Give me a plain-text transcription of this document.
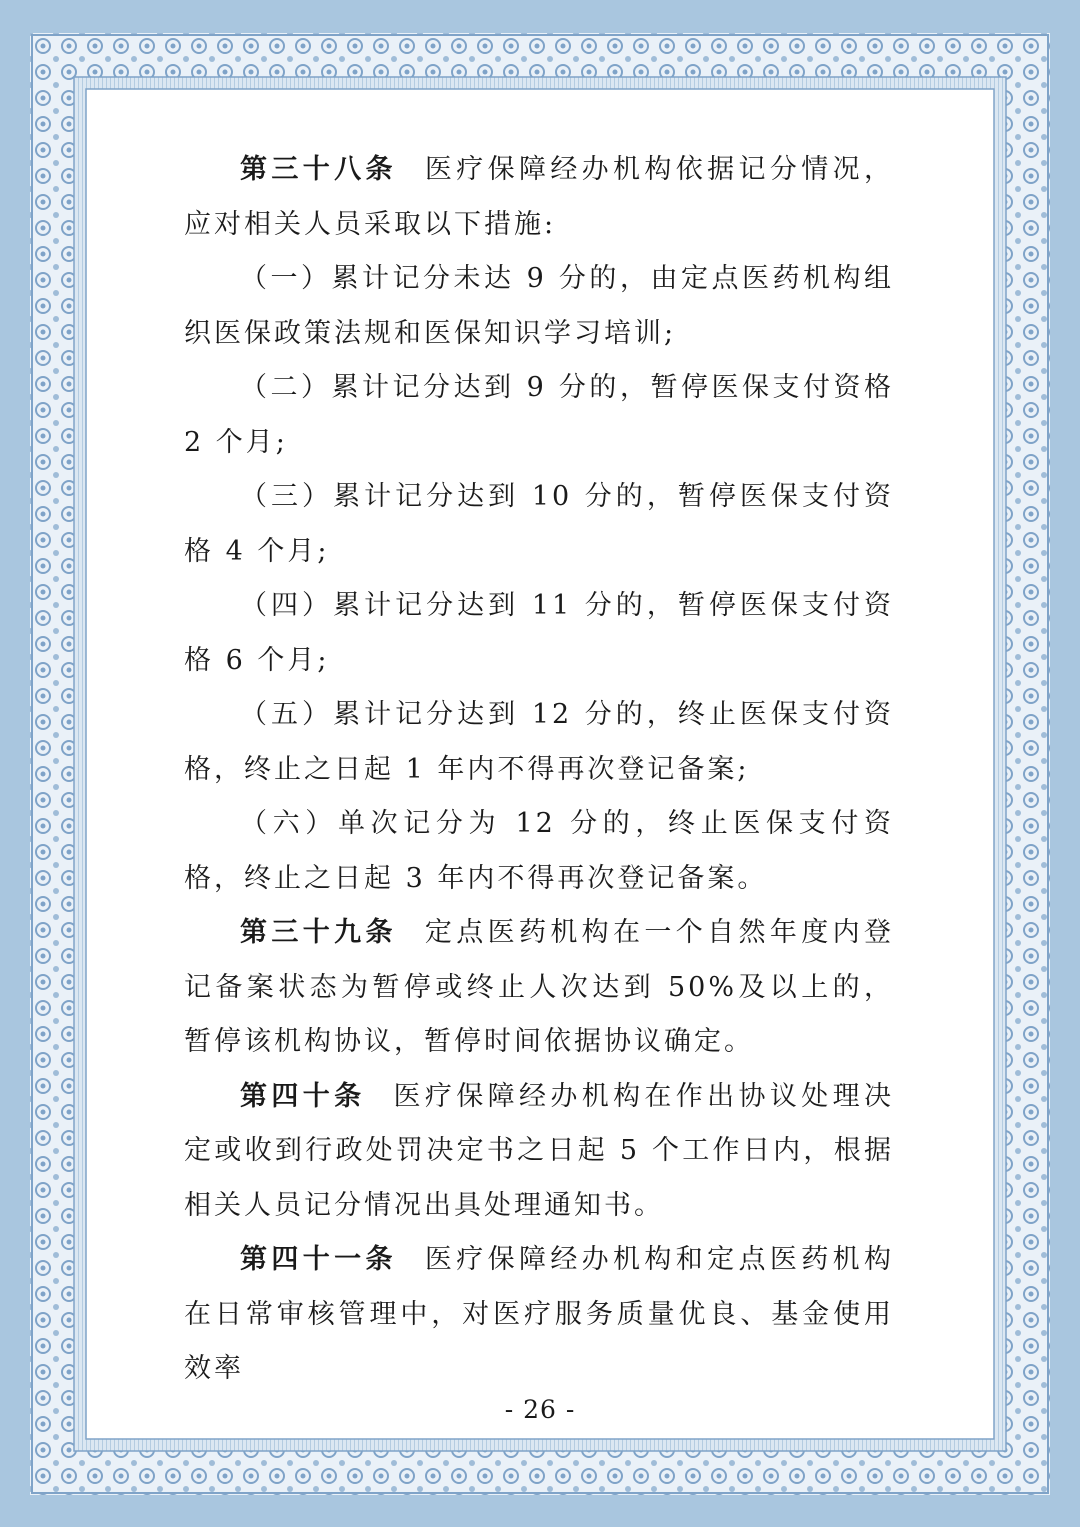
第三十八条 医疗保障经办机构依据记分情况，应对相关人员采取以下措施:

（一）累计记分未达 9 分的，由定点医药机构组织医保政策法规和医保知识学习培训;

（二）累计记分达到 9 分的，暂停医保支付资格 2 个月;

（三）累计记分达到 10 分的，暂停医保支付资格 4 个月;

（四）累计记分达到 11 分的，暂停医保支付资格 6 个月;

（五）累计记分达到 12 分的，终止医保支付资格，终止之日起 1 年内不得再次登记备案;

（六）单次记分为 12 分的，终止医保支付资格，终止之日起 3 年内不得再次登记备案。

第三十九条 定点医药机构在一个自然年度内登记备案状态为暂停或终止人次达到 50%及以上的，暂停该机构协议，暂停时间依据协议确定。

第四十条 医疗保障经办机构在作出协议处理决定或收到行政处罚决定书之日起 5 个工作日内，根据相关人员记分情况出具处理通知书。

第四十一条 医疗保障经办机构和定点医药机构在日常审核管理中，对医疗服务质量优良、基金使用效率

- 26 -
